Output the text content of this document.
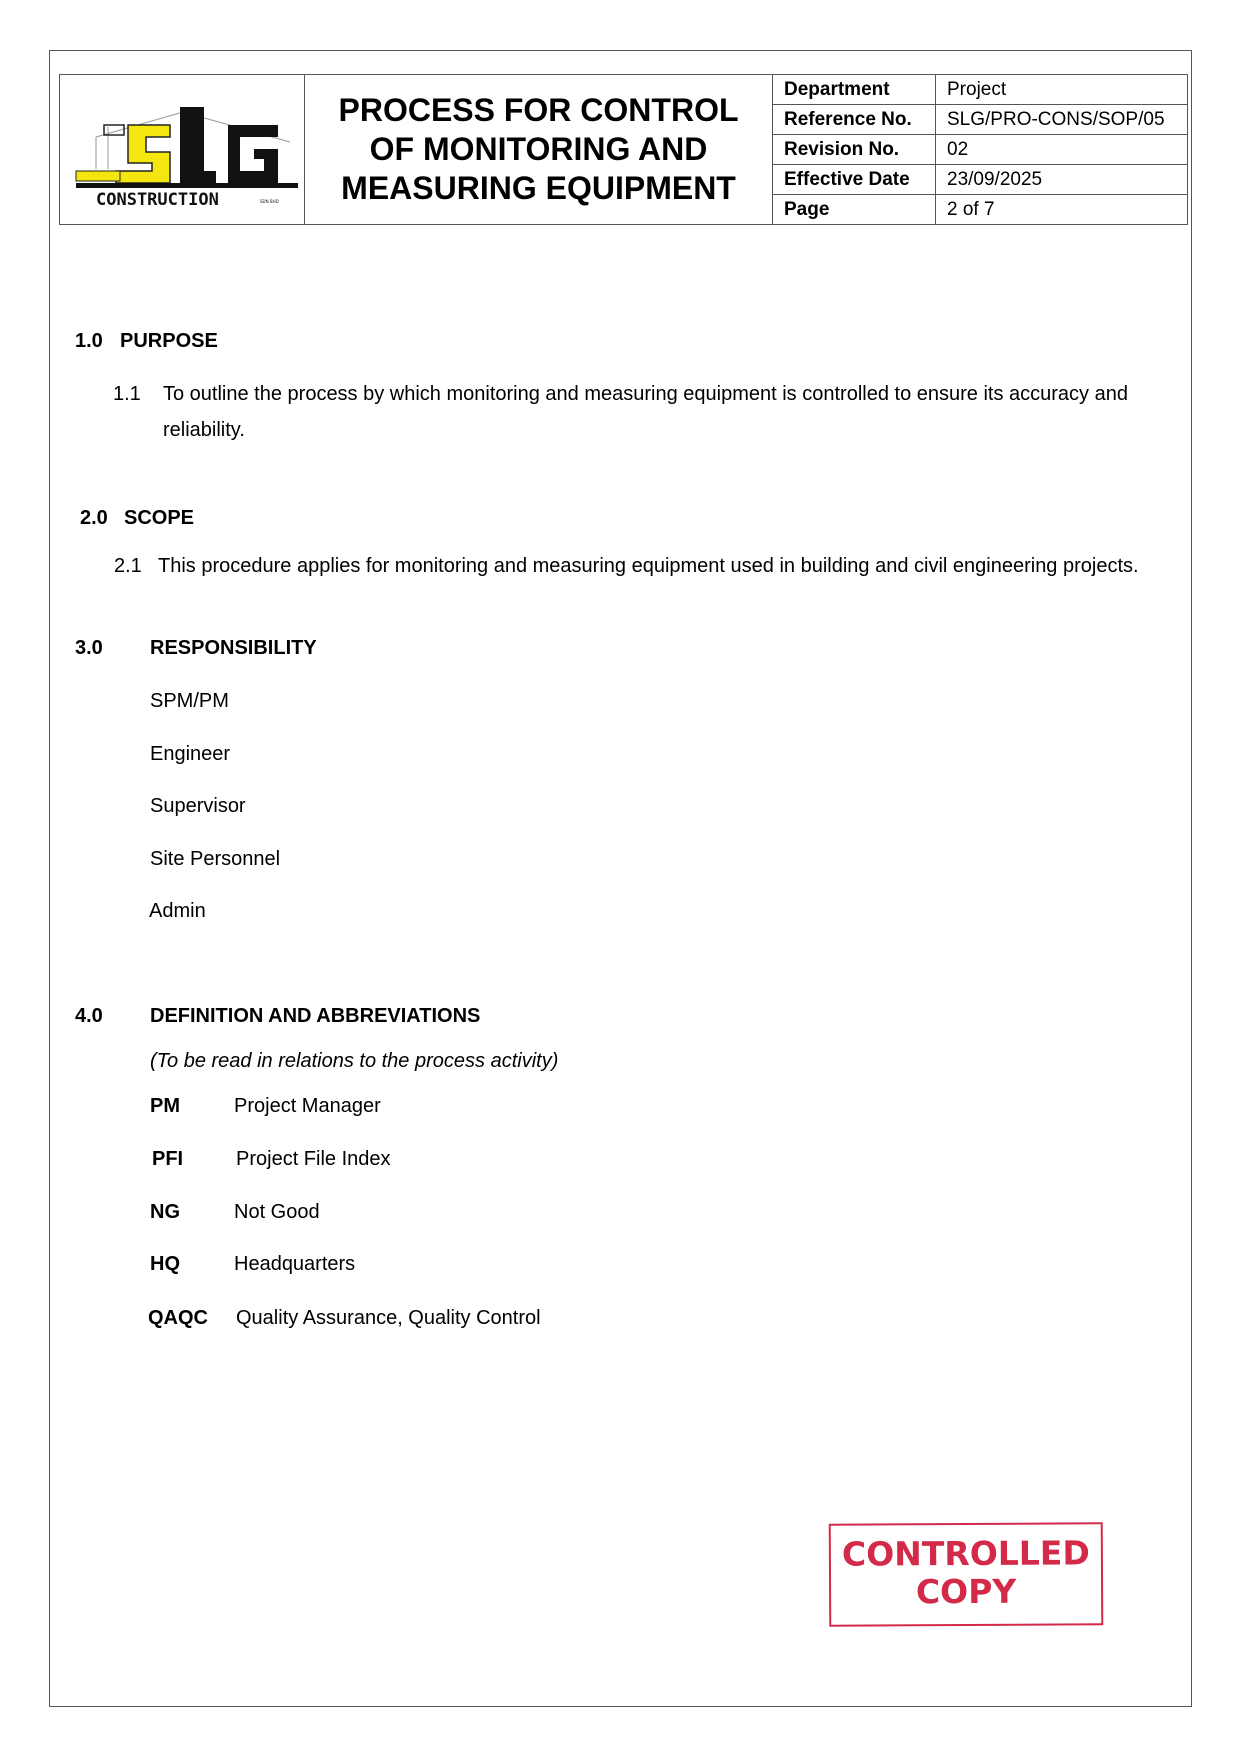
CONSTRUCTION	SDN BHD

PROCESS FOR CONTROL
OF MONITORING AND
MEASURING EQUIPMENT

Department	Project
Reference No.	SLG/PRO-CONS/SOP/05
Revision No.	02
Effective Date	23/09/2025
Page	2 of 7
1.0 PURPOSE
1.1 To outline the process by which monitoring and measuring equipment is controlled to ensure its accuracy and
reliability.
2.0 SCOPE
2.1 This procedure applies for monitoring and measuring equipment used in building and civil engineering projects.
3.0 RESPONSIBILITY
SPM/PM
Engineer
Supervisor
Site Personnel
Admin
4.0 DEFINITION AND ABBREVIATIONS
(To be read in relations to the process activity)
PM	Project Manager
PFI	Project File Index
NG	Not Good
HQ	Headquarters
QAQC Quality Assurance, Quality Control
CONTROLLED
COPY
